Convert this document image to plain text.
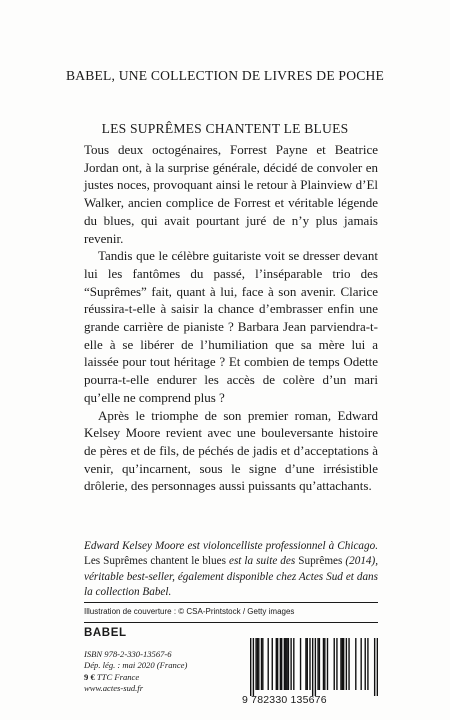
BABEL, UNE COLLECTION DE LIVRES DE POCHE
LES SUPRÊMES CHANTENT LE BLUES

Tous deux octogénaires, Forrest Payne et Beatrice Jordan ont, à la surprise générale, décidé de convoler en justes noces, provoquant ainsi le retour à Plainview d’El Walker, ancien complice de Forrest et véritable légende du blues, qui avait pourtant juré de n’y plus jamais revenir.

Tandis que le célèbre guitariste voit se dresser devant lui les fantômes du passé, l’inséparable trio des “Suprêmes” fait, quant à lui, face à son avenir. Clarice réussira-t-elle à saisir la chance d’embrasser enfin une grande carrière de pianiste ? Barbara Jean parviendra-t-elle à se libérer de l’humiliation que sa mère lui a laissée pour tout héritage ? Et combien de temps Odette pourra-t-elle endurer les accès de colère d’un mari qu’elle ne comprend plus ?

Après le triomphe de son premier roman, Edward Kelsey Moore revient avec une bouleversante histoire de pères et de fils, de péchés de jadis et d’acceptations à venir, qu’incarnent, sous le signe d’une irrésistible drôlerie, des personnages aussi puissants qu’attachants.

Edward Kelsey Moore est violoncelliste professionnel à Chicago. Les Suprêmes chantent le blues est la suite des Suprêmes (2014), véritable best-seller, également disponible chez Actes Sud et dans la collection Babel.
Illustration de couverture : © CSA-Printstock / Getty images
BABEL
ISBN 978-2-330-13567-6
Dép. lég. : mai 2020 (France)
9 € TTC France
www.actes-sud.fr
9 782330 135676
